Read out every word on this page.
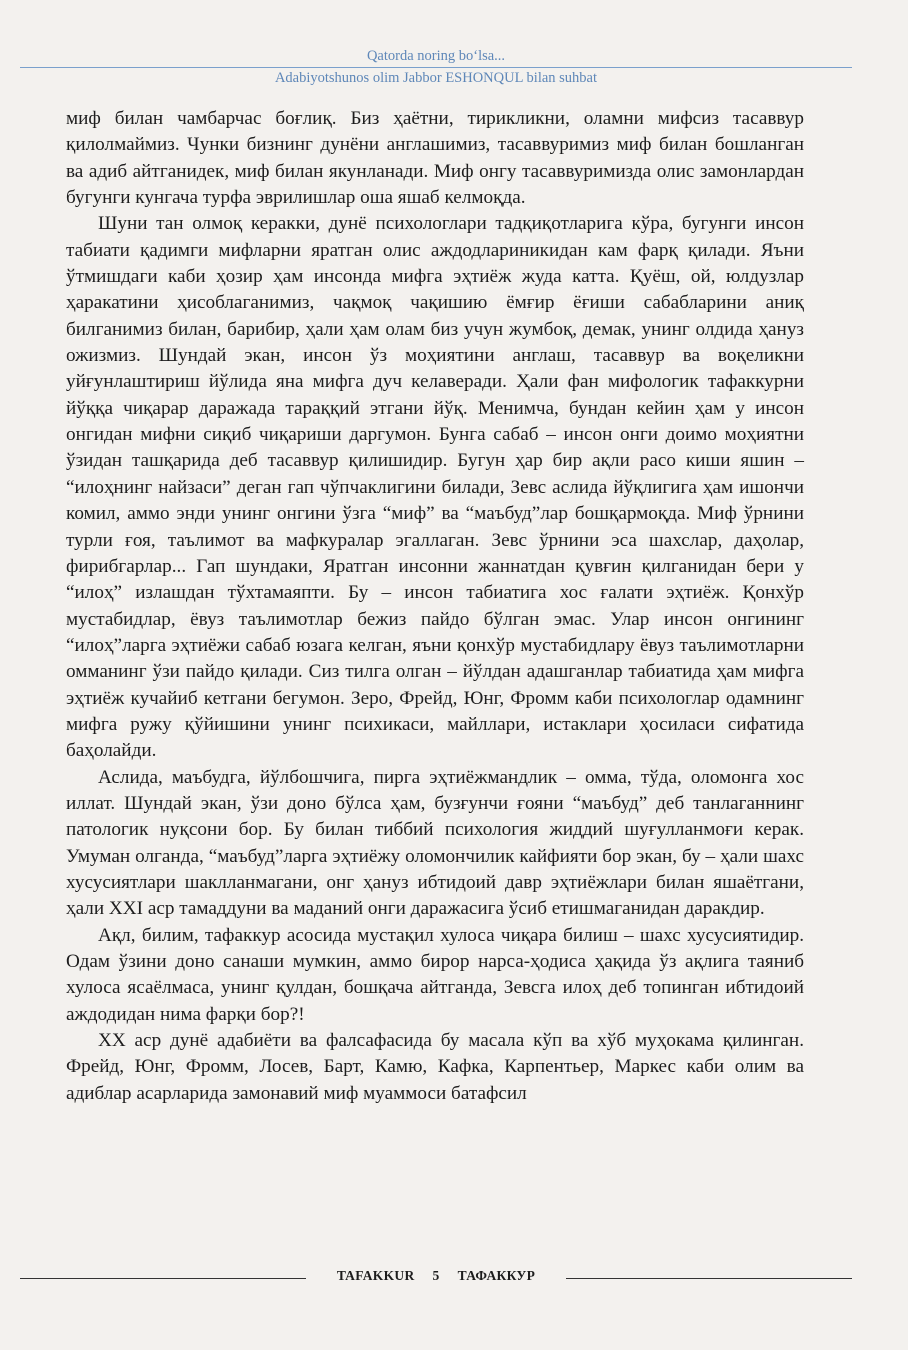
Qatorda noring bo‘lsa...
Adabiyotshunos olim Jabbor ESHONQUL bilan suhbat

миф билан чамбарчас боғлиқ. Биз ҳаётни, тирикликни, оламни мифсиз тасаввур қилолмаймиз. Чунки бизнинг дунёни англашимиз, тасаввуримиз миф билан бошланган ва адиб айтганидек, миф билан якунланади. Миф онгу тасаввуримизда олис замонлардан бугунги кунгача турфа эврилишлар оша яшаб келмоқда.

Шуни тан олмоқ керакки, дунё психологлари тадқиқотларига кўра, бугунги инсон табиати қадимги мифларни яратган олис аждодлариникидан кам фарқ қилади. Яъни ўтмишдаги каби ҳозир ҳам инсонда мифга эҳтиёж жуда катта. Қуёш, ой, юлдузлар ҳаракатини ҳисоблаганимиз, чақмоқ чақишию ёмғир ёғиши сабабларини аниқ билганимиз билан, барибир, ҳали ҳам олам биз учун жумбоқ, демак, унинг олдида ҳануз ожизмиз. Шундай экан, инсон ўз моҳиятини англаш, тасаввур ва воқеликни уйғунлаштириш йўлида яна мифга дуч келаверади. Ҳали фан мифологик тафаккурни йўққа чиқарар даражада тараққий этгани йўқ. Менимча, бундан кейин ҳам у инсон онгидан мифни сиқиб чиқариши даргумон. Бунга сабаб – инсон онги доимо моҳиятни ўзидан ташқарида деб тасаввур қилишидир. Бугун ҳар бир ақли расо киши яшин – “илоҳнинг найзаси” деган гап чўпчаклигини билади, Зевс аслида йўқлигига ҳам ишончи комил, аммо энди унинг онгини ўзга “миф” ва “маъбуд”лар бошқармоқда. Миф ўрнини турли ғоя, таълимот ва мафкуралар эгаллаган. Зевс ўрнини эса шахслар, даҳолар, фирибгарлар... Гап шундаки, Яратган инсонни жаннатдан қувғин қилганидан бери у “илоҳ” излашдан тўхтамаяпти. Бу – инсон табиатига хос ғалати эҳтиёж. Қонхўр мустабидлар, ёвуз таълимотлар бежиз пайдо бўлган эмас. Улар инсон онгининг “илоҳ”ларга эҳтиёжи сабаб юзага келган, яъни қонхўр мустабидлару ёвуз таълимотларни омманинг ўзи пайдо қилади. Сиз тилга олган – йўлдан адашганлар табиатида ҳам мифга эҳтиёж кучайиб кетгани бегумон. Зеро, Фрейд, Юнг, Фромм каби психологлар одамнинг мифга ружу қўйишини унинг психикаси, майллари, истаклари ҳосиласи сифатида баҳолайди.

Аслида, маъбудга, йўлбошчига, пирга эҳтиёжмандлик – омма, тўда, оломонга хос иллат. Шундай экан, ўзи доно бўлса ҳам, бузғунчи ғояни “маъбуд” деб танлаганнинг патологик нуқсони бор. Бу билан тиббий психология жиддий шуғулланмоғи керак. Умуман олганда, “маъбуд”ларга эҳтиёжу оломончилик кайфияти бор экан, бу – ҳали шахс хусусиятлари шаклланмагани, онг ҳануз ибтидоий давр эҳтиёжлари билан яшаётгани, ҳали XXI аср тамаддуни ва маданий онги даражасига ўсиб етишмаганидан даракдир.

Ақл, билим, тафаккур асосида мустақил хулоса чиқара билиш – шахс хусусиятидир. Одам ўзини доно санаши мумкин, аммо бирор нарса-ҳодиса ҳақида ўз ақлига таяниб хулоса ясаёлмаса, унинг қулдан, бошқача айтганда, Зевсга илоҳ деб топинган ибтидоий аждодидан нима фарқи бор?!

XX аср дунё адабиёти ва фалсафасида бу масала кўп ва хўб муҳокама қилинган. Фрейд, Юнг, Фромм, Лосев, Барт, Камю, Кафка, Карпентьер, Маркес каби олим ва адиблар асарларида замонавий миф муаммоси батафсил

TAFAKKUR 5 ТАФАККУР
